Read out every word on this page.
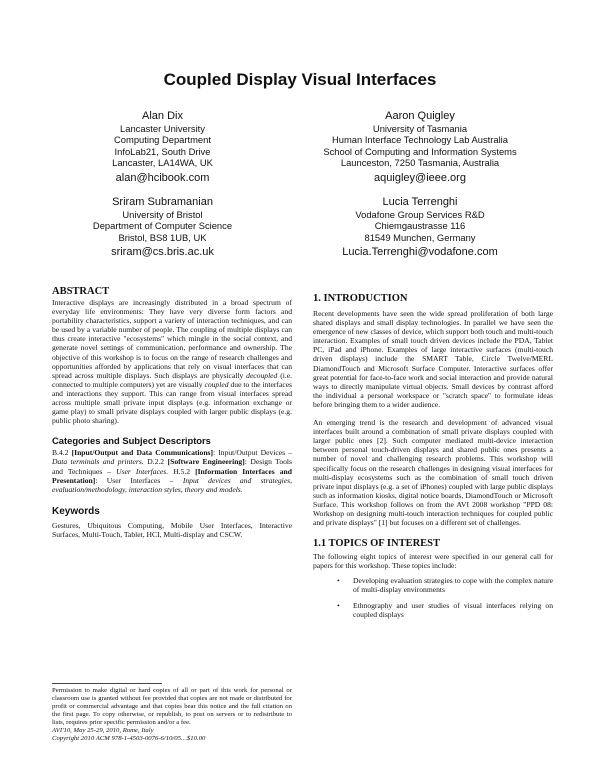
Coupled Display Visual Interfaces
Alan Dix
Lancaster University
Computing Department
InfoLab21, South Drive
Lancaster, LA14WA, UK
alan@hcibook.com
Aaron Quigley
University of Tasmania
Human Interface Technology Lab Australia
School of Computing and Information Systems
Launceston, 7250 Tasmania, Australia
aquigley@ieee.org
Sriram Subramanian
University of Bristol
Department of Computer Science
Bristol, BS8 1UB, UK
sriram@cs.bris.ac.uk
Lucia Terrenghi
Vodafone Group Services R&D
Chiemgaustrasse 116
81549 Munchen, Germany
Lucia.Terrenghi@vodafone.com
ABSTRACT
Interactive displays are increasingly distributed in a broad spectrum of everyday life environments: They have very diverse form factors and portability characteristics, support a variety of interaction techniques, and can be used by a variable number of people. The coupling of multiple displays can thus create interactive "ecosystems" which mingle in the social context, and generate novel settings of communication, performance and ownership. The objective of this workshop is to focus on the range of research challenges and opportunities afforded by applications that rely on visual interfaces that can spread across multiple displays. Such displays are physically decoupled (i.e. connected to multiple computers) yet are visually coupled due to the interfaces and interactions they support. This can range from visual interfaces spread across multiple small private input displays (e.g. information exchange or game play) to small private displays coupled with larger public displays (e.g. public photo sharing).
Categories and Subject Descriptors
B.4.2 [Input/Output and Data Communications]: Input/Output Devices – Data terminals and printers. D.2.2 [Software Engineering]: Design Tools and Techniques – User Interfaces. H.5.2 [Information Interfaces and Presentation]: User Interfaces – Input devices and strategies, evaluation/methodology, interaction styles, theory and models.
Keywords
Gestures, Ubiquitous Computing, Mobile User Interfaces, Interactive Surfaces, Multi-Touch, Tablet, HCI, Multi-display and CSCW.
Permission to make digital or hard copies of all or part of this work for personal or classroom use is granted without fee provided that copies are not made or distributed for profit or commercial advantage and that copies bear this notice and the full citation on the first page. To copy otherwise, or republish, to post on servers or to redistribute to lists, requires prior specific permission and/or a fee.
AVI'10, May 25-29, 2010, Rome, Italy
Copyright 2010 ACM 978-1-4503-0076-6/10/05…$10.00
1. INTRODUCTION
Recent developments have seen the wide spread proliferation of both large shared displays and small display technologies. In parallel we have seen the emergence of new classes of device, which support both touch and multi-touch interaction. Examples of small touch driven devices include the PDA, Tablet PC, iPad and iPhone. Examples of large interactive surfaces (multi-touch driven displays) include the SMART Table, Circle Twelve/MERL DiamondTouch and Microsoft Surface Computer. Interactive surfaces offer great potential for face-to-face work and social interaction and provide natural ways to directly manipulate virtual objects. Small devices by contrast afford the individual a personal workspace or "scratch space" to formulate ideas before bringing them to a wider audience.
An emerging trend is the research and development of advanced visual interfaces built around a combination of small private displays coupled with larger public ones [2]. Such computer mediated multi-device interaction between personal touch-driven displays and shared public ones presents a number of novel and challenging research problems. This workshop will specifically focus on the research challenges in designing visual interfaces for multi-display ecosystems such as the combination of small touch driven private input displays (e.g. a set of iPhones) coupled with large public displays such as information kiosks, digital notice boards, DiamondTouch or Microsoft Surface. This workshop follows on from the AVI 2008 workshop "PPD 08: Workshop on designing multi-touch interaction techniques for coupled public and private displays" [1] but focuses on a different set of challenges.
1.1 TOPICS OF INTEREST
The following eight topics of interest were specified in our general call for papers for this workshop. These topics include:
• Developing evaluation strategies to cope with the complex nature of multi-display environments
• Ethnography and user studies of visual interfaces relying on coupled displays
